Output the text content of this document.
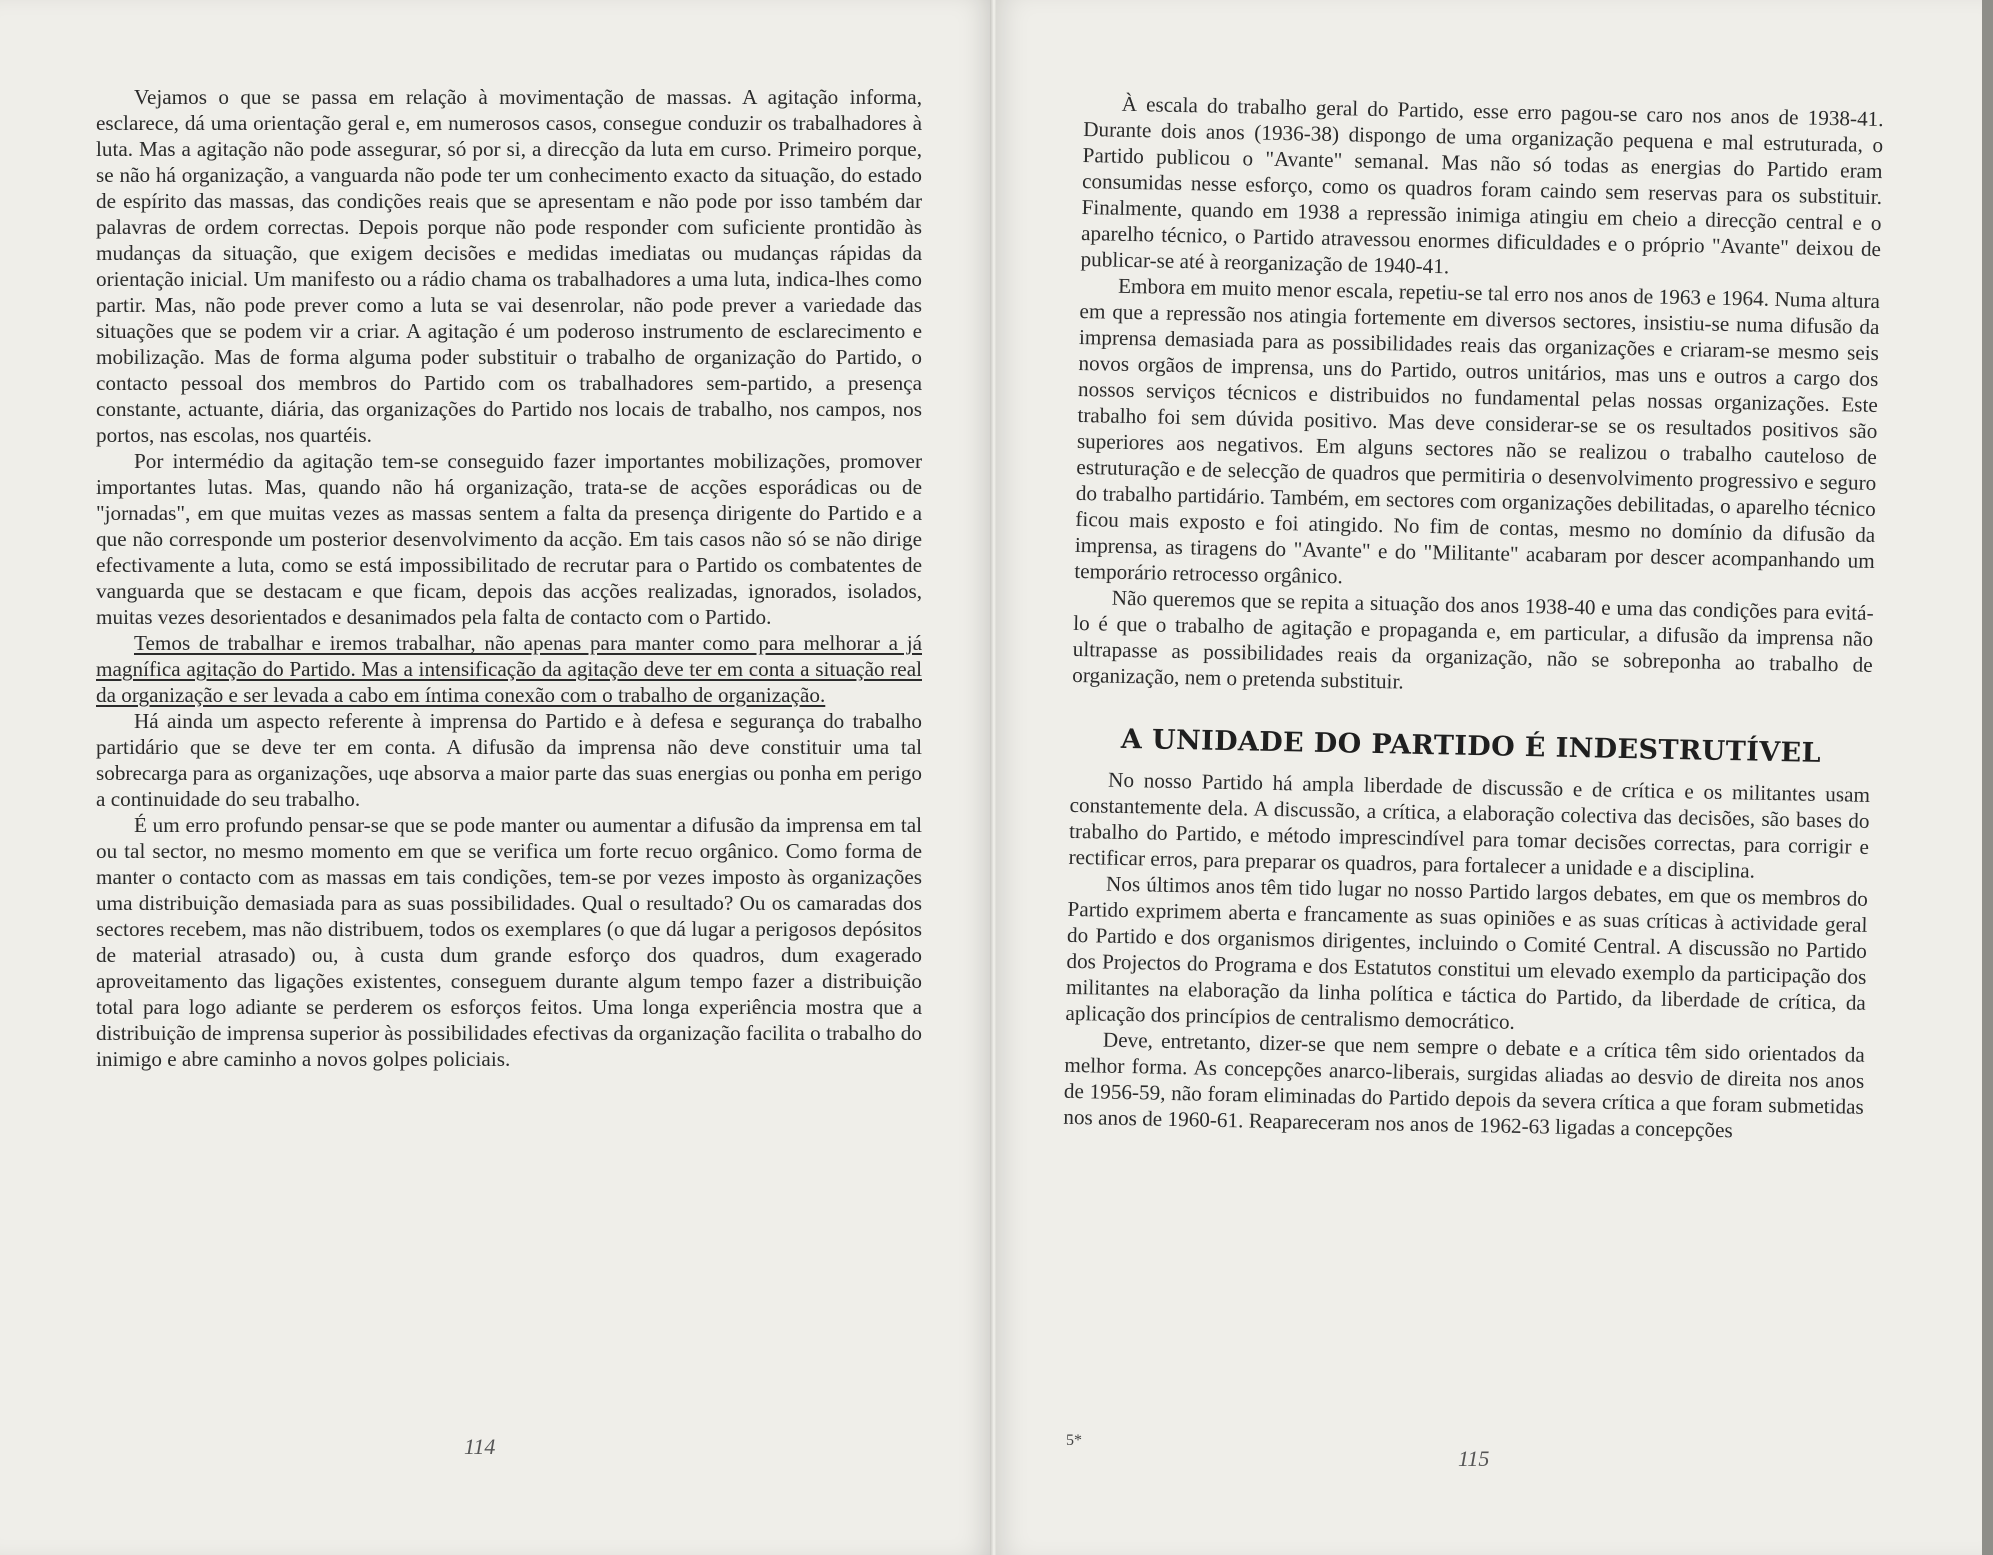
Vejamos o que se passa em relação à movimentação de massas. A agitação informa, esclarece, dá uma orientação geral e, em numerosos casos, consegue conduzir os trabalhadores à luta. Mas a agitação não pode assegurar, só por si, a direcção da luta em curso. Primeiro porque, se não há organização, a vanguarda não pode ter um conhecimento exacto da situação, do estado de espírito das massas, das condições reais que se apresentam e não pode por isso também dar palavras de ordem correctas. Depois porque não pode responder com suficiente prontidão às mudanças da situação, que exigem decisões e medidas imediatas ou mudanças rápidas da orientação inicial. Um manifesto ou a rádio chama os trabalhadores a uma luta, indica-lhes como partir. Mas, não pode prever como a luta se vai desenrolar, não pode prever a variedade das situações que se podem vir a criar. A agitação é um poderoso instrumento de esclarecimento e mobilização. Mas de forma alguma poder substituir o trabalho de organização do Partido, o contacto pessoal dos membros do Partido com os trabalhadores sem-partido, a presença constante, actuante, diária, das organizações do Partido nos locais de trabalho, nos campos, nos portos, nas escolas, nos quartéis.

Por intermédio da agitação tem-se conseguido fazer importantes mobilizações, promover importantes lutas. Mas, quando não há organização, trata-se de acções esporádicas ou de "jornadas", em que muitas vezes as massas sentem a falta da presença dirigente do Partido e a que não corresponde um posterior desenvolvimento da acção. Em tais casos não só se não dirige efectivamente a luta, como se está impossibilitado de recrutar para o Partido os combatentes de vanguarda que se destacam e que ficam, depois das acções realizadas, ignorados, isolados, muitas vezes desorientados e desanimados pela falta de contacto com o Partido.

Temos de trabalhar e iremos trabalhar, não apenas para manter como para melhorar a já magnífica agitação do Partido. Mas a intensificação da agitação deve ter em conta a situação real da organização e ser levada a cabo em íntima conexão com o trabalho de organização.

Há ainda um aspecto referente à imprensa do Partido e à defesa e segurança do trabalho partidário que se deve ter em conta. A difusão da imprensa não deve constituir uma tal sobrecarga para as organizações, uqe absorva a maior parte das suas energias ou ponha em perigo a continuidade do seu trabalho.

É um erro profundo pensar-se que se pode manter ou aumentar a difusão da imprensa em tal ou tal sector, no mesmo momento em que se verifica um forte recuo orgânico. Como forma de manter o contacto com as massas em tais condições, tem-se por vezes imposto às organizações uma distribuição demasiada para as suas possibilidades. Qual o resultado? Ou os camaradas dos sectores recebem, mas não distribuem, todos os exemplares (o que dá lugar a perigosos depósitos de material atrasado) ou, à custa dum grande esforço dos quadros, dum exagerado aproveitamento das ligações existentes, conseguem durante algum tempo fazer a distribuição total para logo adiante se perderem os esforços feitos. Uma longa experiência mostra que a distribuição de imprensa superior às possibilidades efectivas da organização facilita o trabalho do inimigo e abre caminho a novos golpes policiais.

114

À escala do trabalho geral do Partido, esse erro pagou-se caro nos anos de 1938-41. Durante dois anos (1936-38) dispongo de uma organização pequena e mal estruturada, o Partido publicou o "Avante" semanal. Mas não só todas as energias do Partido eram consumidas nesse esforço, como os quadros foram caindo sem reservas para os substituir. Finalmente, quando em 1938 a repressão inimiga atingiu em cheio a direcção central e o aparelho técnico, o Partido atravessou enormes dificuldades e o próprio "Avante" deixou de publicar-se até à reorganização de 1940-41.

Embora em muito menor escala, repetiu-se tal erro nos anos de 1963 e 1964. Numa altura em que a repressão nos atingia fortemente em diversos sectores, insistiu-se numa difusão da imprensa demasiada para as possibilidades reais das organizações e criaram-se mesmo seis novos orgãos de imprensa, uns do Partido, outros unitários, mas uns e outros a cargo dos nossos serviços técnicos e distribuidos no fundamental pelas nossas organizações. Este trabalho foi sem dúvida positivo. Mas deve considerar-se se os resultados positivos são superiores aos negativos. Em alguns sectores não se realizou o trabalho cauteloso de estruturação e de selecção de quadros que permitiria o desenvolvimento progressivo e seguro do trabalho partidário. Também, em sectores com organizações debilitadas, o aparelho técnico ficou mais exposto e foi atingido. No fim de contas, mesmo no domínio da difusão da imprensa, as tiragens do "Avante" e do "Militante" acabaram por descer acompanhando um temporário retrocesso orgânico.

Não queremos que se repita a situação dos anos 1938-40 e uma das condições para evitá-lo é que o trabalho de agitação e propaganda e, em particular, a difusão da imprensa não ultrapasse as possibilidades reais da organização, não se sobreponha ao trabalho de organização, nem o pretenda substituir.

A UNIDADE DO PARTIDO É INDESTRUTÍVEL

No nosso Partido há ampla liberdade de discussão e de crítica e os militantes usam constantemente dela. A discussão, a crítica, a elaboração colectiva das decisões, são bases do trabalho do Partido, e método imprescindível para tomar decisões correctas, para corrigir e rectificar erros, para preparar os quadros, para fortalecer a unidade e a disciplina.

Nos últimos anos têm tido lugar no nosso Partido largos debates, em que os membros do Partido exprimem aberta e francamente as suas opiniões e as suas críticas à actividade geral do Partido e dos organismos dirigentes, incluindo o Comité Central. A discussão no Partido dos Projectos do Programa e dos Estatutos constitui um elevado exemplo da participação dos militantes na elaboração da linha política e táctica do Partido, da liberdade de crítica, da aplicação dos princípios de centralismo democrático.

Deve, entretanto, dizer-se que nem sempre o debate e a crítica têm sido orientados da melhor forma. As concepções anarco-liberais, surgidas aliadas ao desvio de direita nos anos de 1956-59, não foram eliminadas do Partido depois da severa crítica a que foram submetidas nos anos de 1960-61. Reapareceram nos anos de 1962-63 ligadas a concepções

5*
115
